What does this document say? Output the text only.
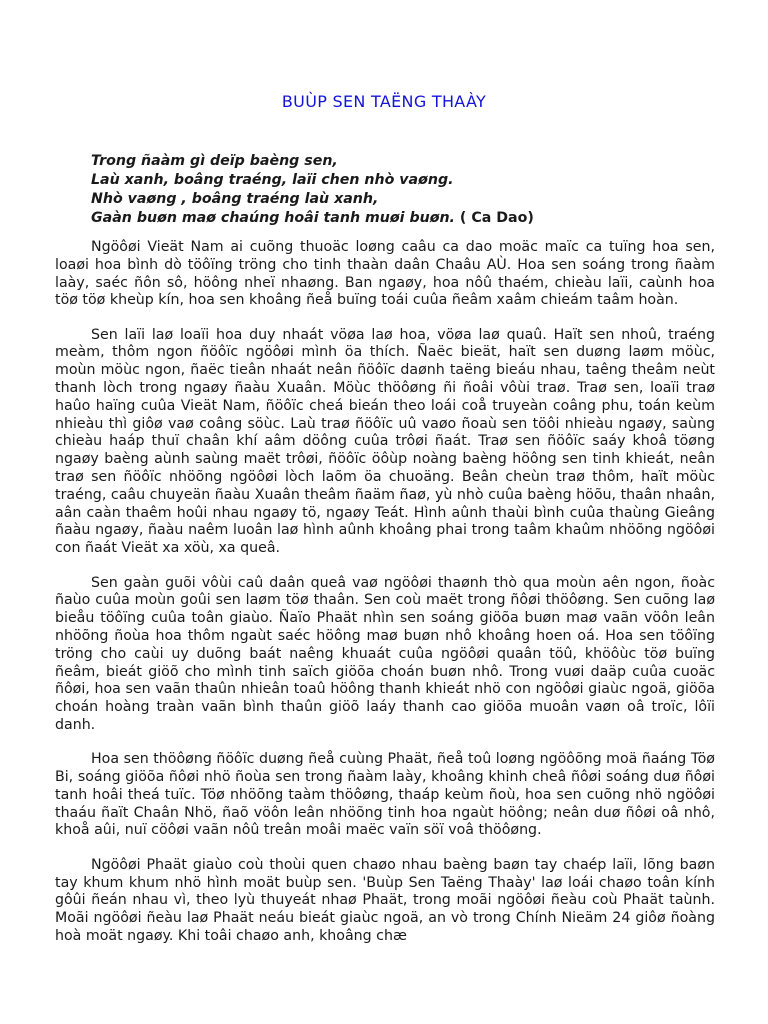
BUÙP SEN TAËNG THAÀY
Trong ñaàm gì deïp baèng sen,
Laù xanh, boâng traéng, laïi chen nhò vaøng.
Nhò vaøng , boâng traéng laù xanh,
Gaàn buøn maø chaúng hoâi tanh muøi buøn. ( Ca Dao)

Ngöôøi Vieät Nam ai cuõng thuoäc loøng caâu ca dao moäc maïc ca tuïng hoa sen, loaøi hoa bình dò töôïng tröng cho tinh thaàn daân Chaâu AÙ. Hoa sen soáng trong ñaàm laày, saéc ñôn sô, höông nheï nhaøng. Ban ngaøy, hoa nôû thaém, chieàu laïi, caùnh hoa töø töø kheùp kín, hoa sen khoâng ñeå buïng toái cuûa ñeâm xaâm chieám taâm hoàn.

Sen laïi laø loaïi hoa duy nhaát vöøa laø hoa, vöøa laø quaû. Haït sen nhoû, traéng meàm, thôm ngon ñöôïc ngöôøi mình öa thích. Ñaëc bieät, haït sen duøng laøm möùc, moùn möùc ngon, ñaëc tieân nhaát neân ñöôïc daønh taëng bieáu nhau, taêng theâm neùt thanh lòch trong ngaøy ñaàu Xuaân. Möùc thöôøng ñi ñoâi vôùi traø. Traø sen, loaïi traø haûo haïng cuûa Vieät Nam, ñöôïc cheá bieán theo loái coå truyeàn coâng phu, toán keùm nhieàu thì giôø vaø coâng söùc. Laù traø ñöôïc uû vaøo ñoaù sen töôi nhieàu ngaøy, saùng chieàu haáp thuï chaân khí aâm döông cuûa trôøi ñaát. Traø sen ñöôïc saáy khoâ töøng ngaøy baèng aùnh saùng maët trôøi, ñöôïc öôùp noàng baèng höông sen tinh khieát, neân traø sen ñöôïc nhöõng ngöôøi lòch laõm öa chuoäng. Beân cheùn traø thôm, haït möùc traéng, caâu chuyeän ñaàu Xuaân theâm ñaäm ñaø, yù nhò cuûa baèng höõu, thaân nhaân, aân caàn thaêm hoûi nhau ngaøy tö, ngaøy Teát. Hình aûnh thaùi bình cuûa thaùng Gieâng ñaàu ngaøy, ñaàu naêm luoân laø hình aûnh khoâng phai trong taâm khaûm nhöõng ngöôøi con ñaát Vieät xa xöù, xa queâ.

Sen gaàn guõi vôùi caû daân queâ vaø ngöôøi thaønh thò qua moùn aên ngon, ñoàc ñaùo cuûa moùn goûi sen laøm töø thaân. Sen coù maët trong ñôøi thöôøng. Sen cuõng laø bieåu töôïng cuûa toân giaùo. Ñaïo Phaät nhìn sen soáng giöõa buøn maø vaãn vöôn leân nhöõng ñoùa hoa thôm ngaùt saéc höông maø buøn nhô khoâng hoen oá. Hoa sen töôïng tröng cho caùi uy duõng baát naêng khuaát cuûa ngöôøi quaân töû, khöôùc töø buïng ñeâm, bieát giöõ cho mình tinh saïch giöõa choán buøn nhô. Trong vuøi daäp cuûa cuoäc ñôøi, hoa sen vaãn thaûn nhieân toaû höông thanh khieát nhö con ngöôøi giaùc ngoä, giöõa choán hoàng traàn vaãn bình thaûn giöõ laáy thanh cao giöõa muoân vaøn oâ troïc, lôïi danh.

Hoa sen thöôøng ñöôïc duøng ñeå cuùng Phaät, ñeå toû loøng ngöôõng moä ñaáng Töø Bi, soáng giöõa ñôøi nhö ñoùa sen trong ñaàm laày, khoâng khinh cheâ ñôøi soáng duø ñôøi tanh hoâi theá tuïc. Töø nhöõng taàm thöôøng, thaáp keùm ñoù, hoa sen cuõng nhö ngöôøi thaáu ñaït Chaân Nhö, ñaõ vöôn leân nhöõng tinh hoa ngaùt höông; neân duø ñôøi oâ nhô, khoå aûi, nuï cöôøi vaãn nôû treân moâi maëc vaïn söï voâ thöôøng.

Ngöôøi Phaät giaùo coù thoùi quen chaøo nhau baèng baøn tay chaép laïi, lõng baøn tay khum khum nhö hình moät buùp sen. 'Buùp Sen Taëng Thaày' laø loái chaøo toân kính gôûi ñeán nhau vì, theo lyù thuyeát nhaø Phaät, trong moãi ngöôøi ñeàu coù Phaät taùnh. Moãi ngöôøi ñeàu laø Phaät neáu bieát giaùc ngoä, an vò trong Chính Nieäm 24 giôø ñoàng hoà moät ngaøy. Khi toâi chaøo anh, khoâng chæ
